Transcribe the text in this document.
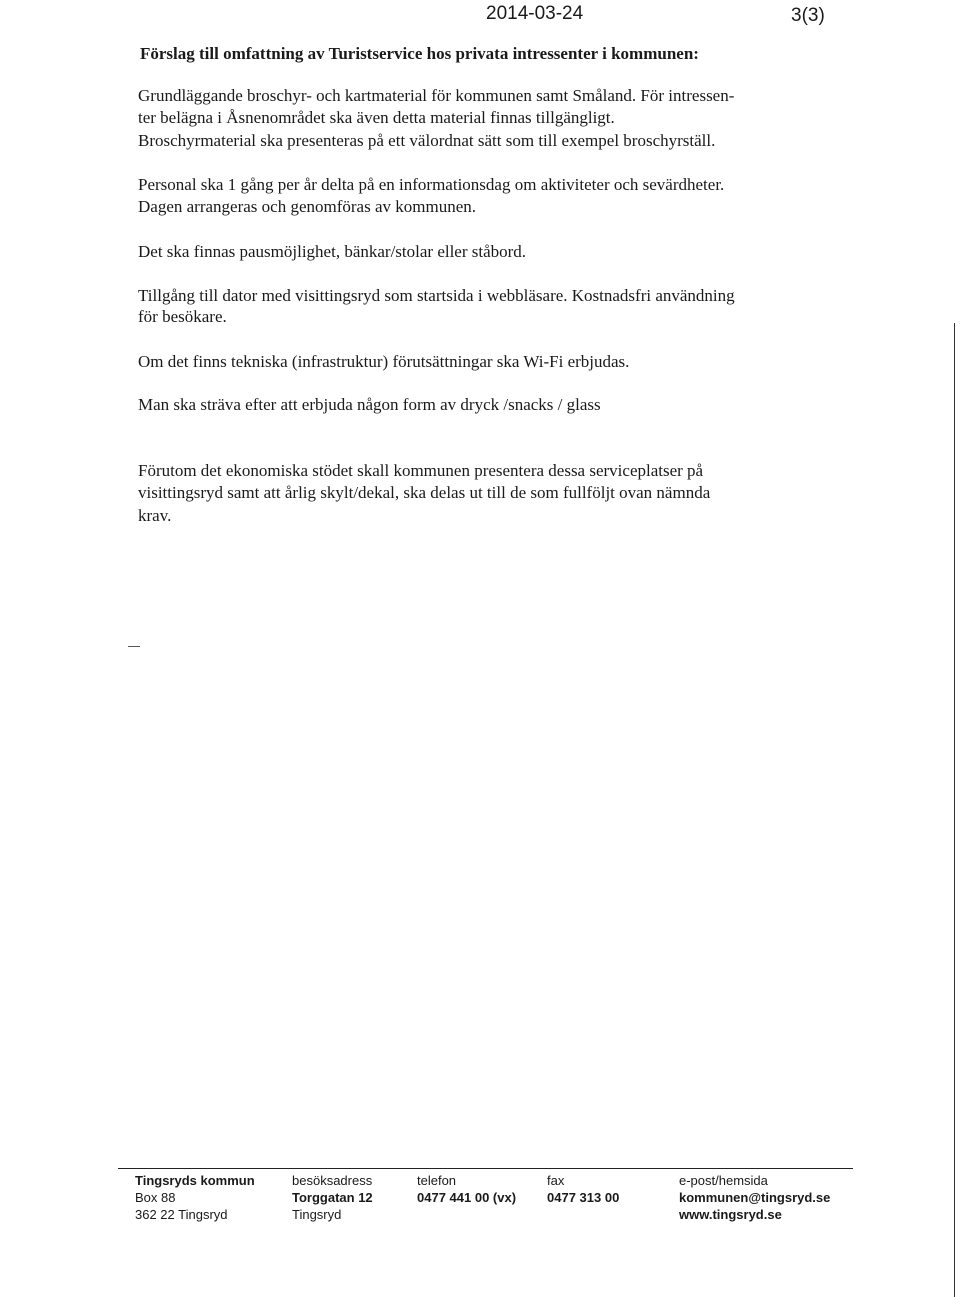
2014-03-24	3(3)
Förslag till omfattning av Turistservice hos privata intressenter i kommunen:
Grundläggande broschyr- och kartmaterial för kommunen samt Småland. För intressen-
ter belägna i Åsnenområdet ska även detta material finnas tillgängligt.
Broschyrmaterial ska presenteras på ett välordnat sätt som till exempel broschyrställ.
Personal ska 1 gång per år delta på en informationsdag om aktiviteter och sevärdheter.
Dagen arrangeras och genomföras av kommunen.
Det ska finnas pausmöjlighet, bänkar/stolar eller ståbord.
Tillgång till dator med visittingsryd som startsida i webbläsare. Kostnadsfri användning
för besökare.
Om det finns tekniska (infrastruktur) förutsättningar ska Wi-Fi erbjudas.
Man ska sträva efter att erbjuda någon form av dryck /snacks / glass
Förutom det ekonomiska stödet skall kommunen presentera dessa serviceplatser på
visittingsryd samt att årlig skylt/dekal, ska delas ut till de som fullföljt ovan nämnda
krav.
Tingsryds kommun
Box 88
362 22 Tingsryd
besöksadress
Torggatan 12
Tingsryd
telefon
0477 441 00 (vx)
fax
0477 313 00
e-post/hemsida
kommunen@tingsryd.se
www.tingsryd.se
